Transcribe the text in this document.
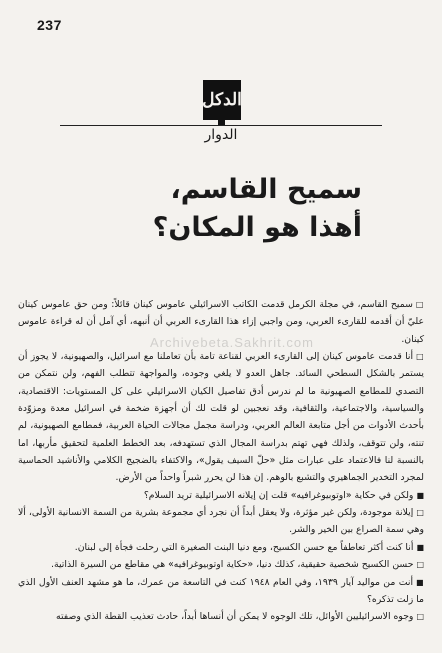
237
الدكل
الدوار
سميح القاسم،
أهذا هو المكان؟
Archivebeta.Sakhrit.com

□سميح القاسم، في مجلة الكرمل قدمت الكاتب الاسرائيلي عاموس كينان قائلاً: ومن حق عاموس كينان عليّ أن أقدمه للقارىء العربي، ومن واجبي إزاء هذا القارىء العربي أن أنبهه، أي آمل أن له قراءة عاموس كينان.

□أنا قدمت عاموس كينان إلى القارىء العربي لقناعة تامة بأن تعاملنا مع اسرائيل، والصهيونية، لا يجوز أن يستمر بالشكل السطحي السائد. جاهل العدو لا يلغي وجوده، والمواجهة تتطلب الفهم، ولن نتمكن من التصدي للمطامع الصهيونية ما لم ندرس أدق تفاصيل الكيان الاسرائيلي على كل المستويات: الاقتصادية، والسياسية، والاجتماعية، والثقافية، وقد نعجبين لو قلت لك أن أجهزة ضخمة في اسرائيل معدة ومزوّدة بأحدث الأدوات من أجل متابعة العالم العربي، ودراسة مجمل مجالات الحياة العربية، فمطامع الصهيونية، لم تنته، ولن تتوقف، ولذلك فهي تهتم بدراسة المجال الذي تستهدفه، بعد الخطط العلمية لتحقيق مأربها، اما بالنسبة لنا فالاعتماد على عبارات مثل «حلّ السيف يقول»، والاكتفاء بالضجيج الكلامي والأناشيد الحماسية لمجرد التخدير الجماهيري والتشبع بالوهم. إن هذا لن يحرر شبراً واحداً من الأرض.

■ولكن في حكاية «اوتوبيوغرافيه» قلت إن إيلانه الاسرائيلية تريد السلام؟

□إيلانة موجودة، ولكن غير مؤثرة، ولا يعقل أبداً أن نجرد أي مجموعة بشرية من السمة الانسانية الأولى، ألا وهي سمة الصراع بين الخير والشر.

■أنا كنت أكثر تعاطفاً مع حسن الكسيح، ومع دنيا البنت الصغيرة التي رحلت فجأة إلى لبنان.

□حسن الكسيح شخصية حقيقية، كذلك دنيا، «حكاية اوتوبيوغرافيه» هي مقاطع من السيرة الذاتية.

■أنت من مواليد آيار ١٩٣٩، وفي العام ١٩٤٨ كنت في التاسعة من عمرك، ما هو مشهد العنف الأول الذي ما زلت تذكره؟

□وجوه الاسرائيليين الأوائل، تلك الوجوه لا يمكن أن أنساها أبداً، حادث تعذيب القطة الذي وصفته
